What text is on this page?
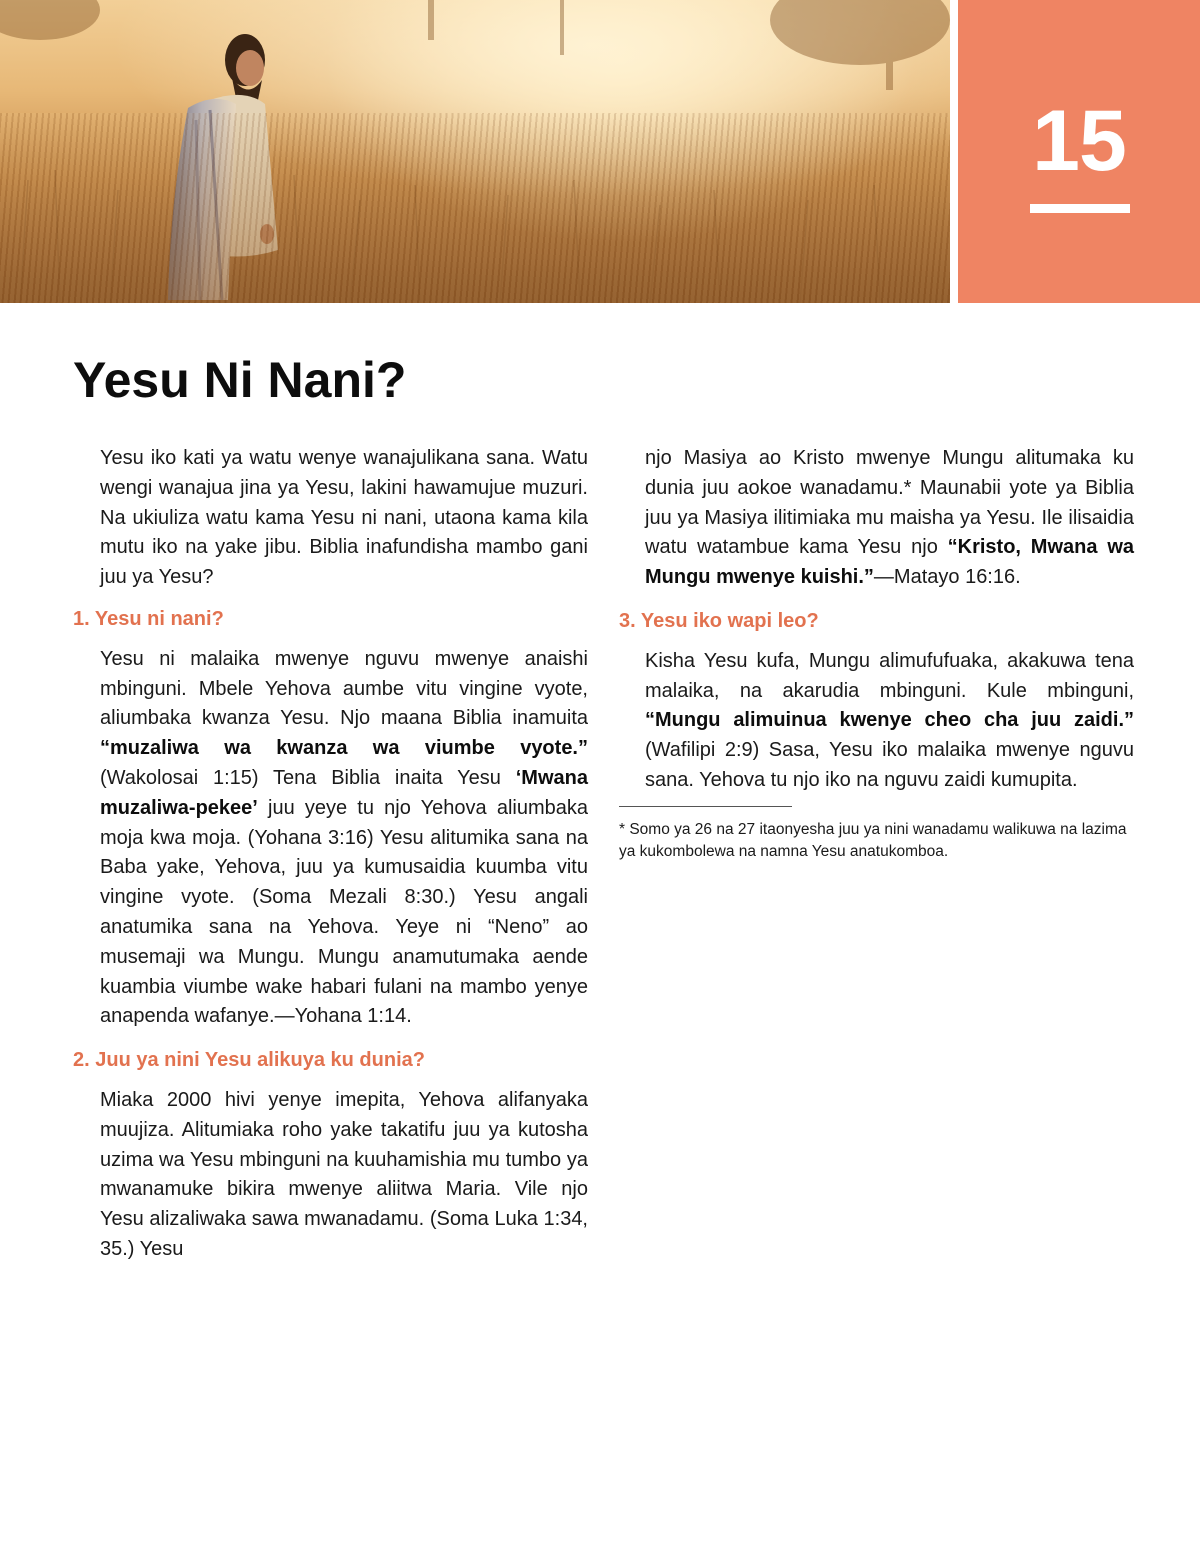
15
Yesu Ni Nani?

Yesu iko kati ya watu wenye wanajulikana sana. Watu wengi wanajua jina ya Yesu, lakini hawamujue muzuri. Na ukiuliza watu kama Yesu ni nani, utaona kama kila mutu iko na yake jibu. Biblia inafundisha mambo gani juu ya Yesu?

1. Yesu ni nani?

Yesu ni malaika mwenye nguvu mwenye anaishi mbinguni. Mbele Yehova aumbe vitu vingine vyote, aliumbaka kwanza Yesu. Njo maana Biblia inamuita “muzaliwa wa kwanza wa viumbe vyote.” (Wakolosai 1:15) Tena Biblia inaita Yesu ‘Mwana muzaliwa-pekee’ juu yeye tu njo Yehova aliumbaka moja kwa moja. (Yohana 3:16) Yesu alitumika sana na Baba yake, Yehova, juu ya kumusaidia kuumba vitu vingine vyote. (Soma Mezali 8:30.) Yesu angali anatumika sana na Yehova. Yeye ni “Neno” ao musemaji wa Mungu. Mungu anamutumaka aende kuambia viumbe wake habari fulani na mambo yenye anapenda wafanye.—Yohana 1:14.

2. Juu ya nini Yesu alikuya ku dunia?

Miaka 2000 hivi yenye imepita, Yehova alifanyaka muujiza. Alitumiaka roho yake takatifu juu ya kutosha uzima wa Yesu mbinguni na kuuhamishia mu tumbo ya mwanamuke bikira mwenye aliitwa Maria. Vile njo Yesu alizaliwaka sawa mwanadamu. (Soma Luka 1:34, 35.) Yesu

njo Masiya ao Kristo mwenye Mungu alitumaka ku dunia juu aokoe wanadamu.* Maunabii yote ya Biblia juu ya Masiya ilitimiaka mu maisha ya Yesu. Ile ilisaidia watu watambue kama Yesu njo “Kristo, Mwana wa Mungu mwenye kuishi.”—Matayo 16:16.

3. Yesu iko wapi leo?

Kisha Yesu kufa, Mungu alimufufuaka, akakuwa tena malaika, na akarudia mbinguni. Kule mbinguni, “Mungu alimuinua kwenye cheo cha juu zaidi.” (Wafilipi 2:9) Sasa, Yesu iko malaika mwenye nguvu sana. Yehova tu njo iko na nguvu zaidi kumupita.

* Somo ya 26 na 27 itaonyesha juu ya nini wanadamu walikuwa na lazima ya kukombolewa na namna Yesu anatukomboa.
